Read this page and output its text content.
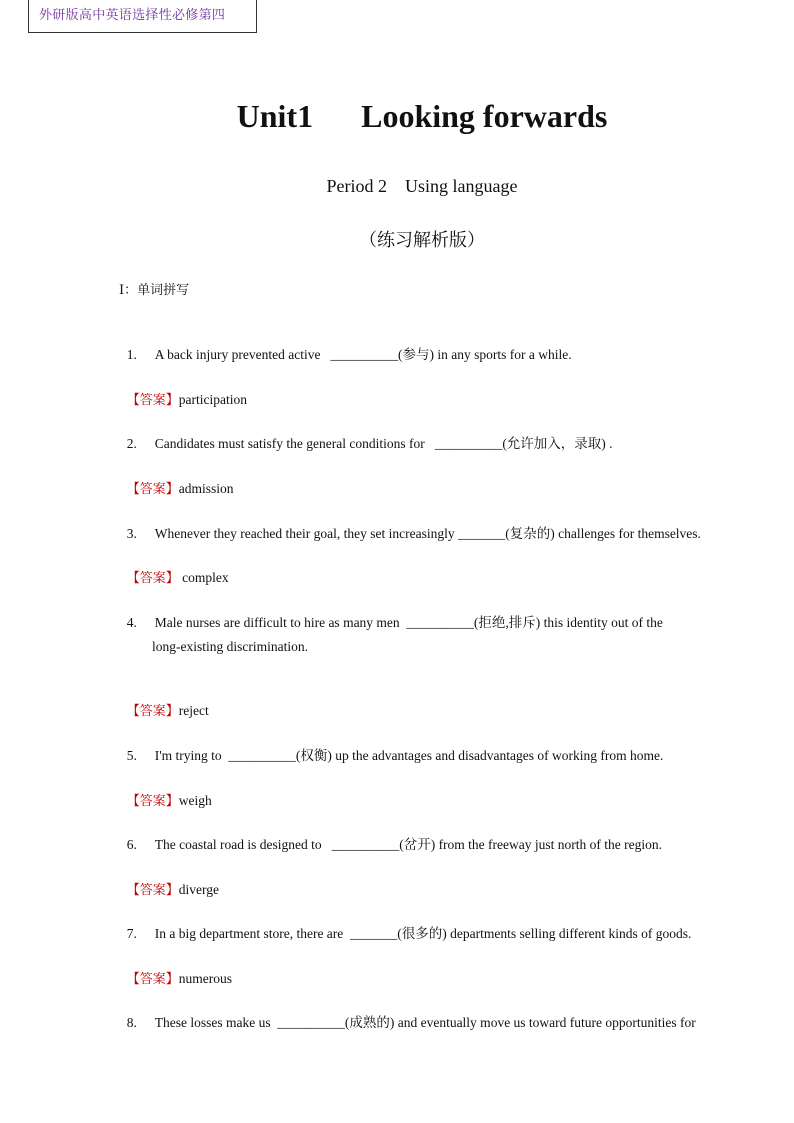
外研版高中英语选择性必修第四
Unit1      Looking forwards
Period 2    Using language
（练习解析版）
I：单词拼写

1. A back injury prevented active   __________(参与) in any sports for a while.

【答案】participation

2. Candidates must satisfy the general conditions for   __________(允许加入，录取) .

【答案】admission

3. Whenever they reached their goal, they set increasingly _______(复杂的) challenges for themselves.

【答案】 complex

4. Male nurses are difficult to hire as many men  __________(拒绝,排斥) this identity out of the

long-existing discrimination.

【答案】reject

5. I'm trying to  __________(权衡) up the advantages and disadvantages of working from home.

【答案】weigh

6. The coastal road is designed to   __________(岔开) from the freeway just north of the region.

【答案】diverge

7. In a big department store, there are  _______(很多的) departments selling different kinds of goods.

【答案】numerous

8. These losses make us  __________(成熟的) and eventually move us toward future opportunities for
